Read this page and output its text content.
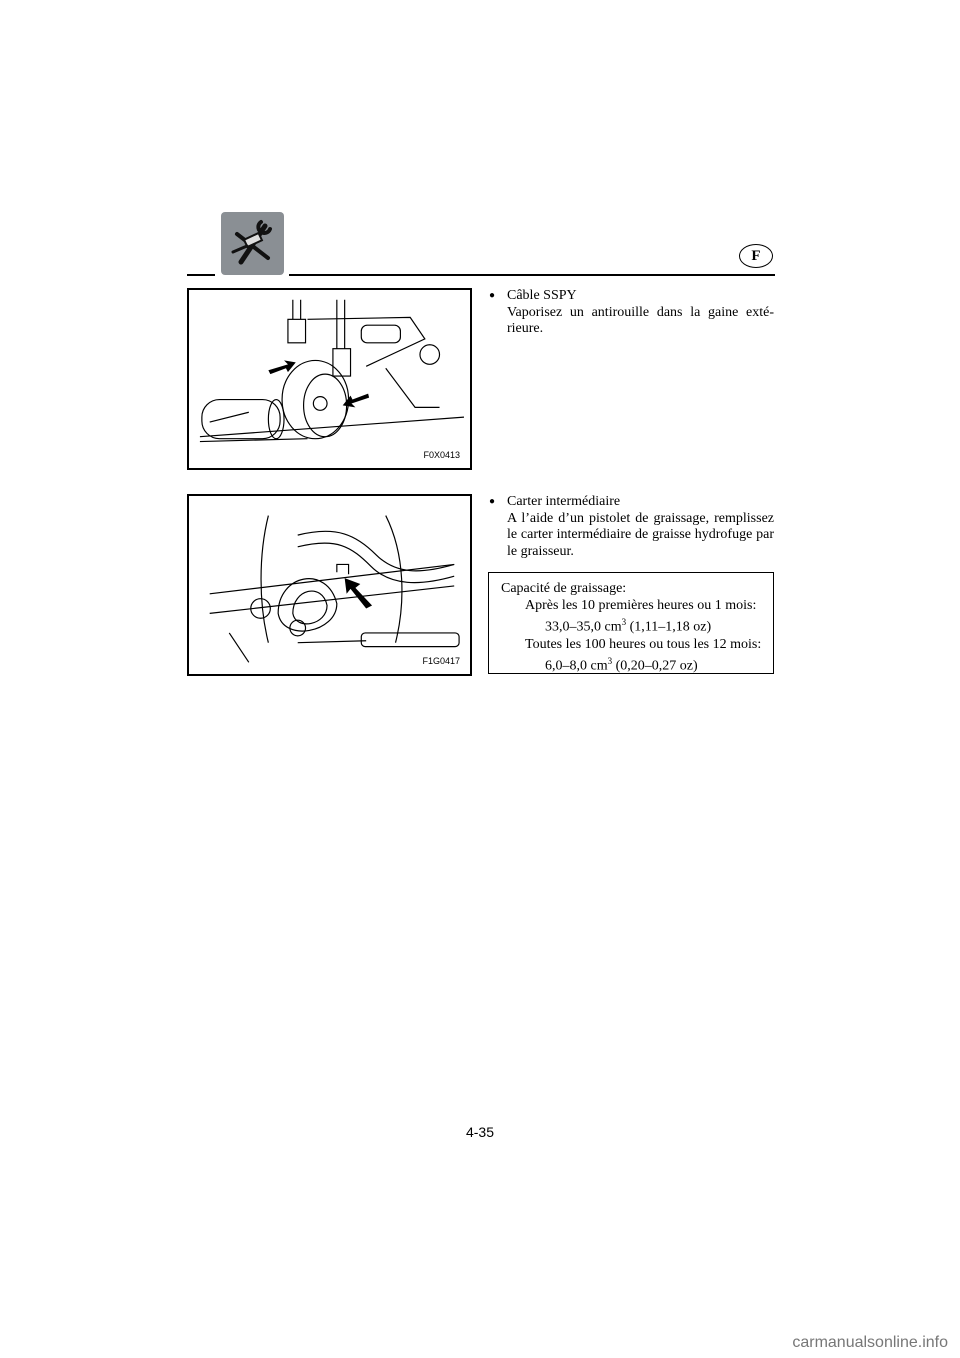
F
F0X0413
● Câble SSPY
Vaporisez un antirouille dans la gaine exté-rieure.
F1G0417
● Carter intermédiaire
A l’aide d’un pistolet de graissage, remplissez le carter intermédiaire de graisse hydrofuge par le graisseur.
Capacité de graissage:
Après les 10 premières heures ou 1 mois:
33,0–35,0 $cm^3$ (1,11–1,18 oz)
Toutes les 100 heures ou tous les 12 mois:
6,0–8,0 $cm^3$ (0,20–0,27 oz)
4-35
carmanualsonline.info
